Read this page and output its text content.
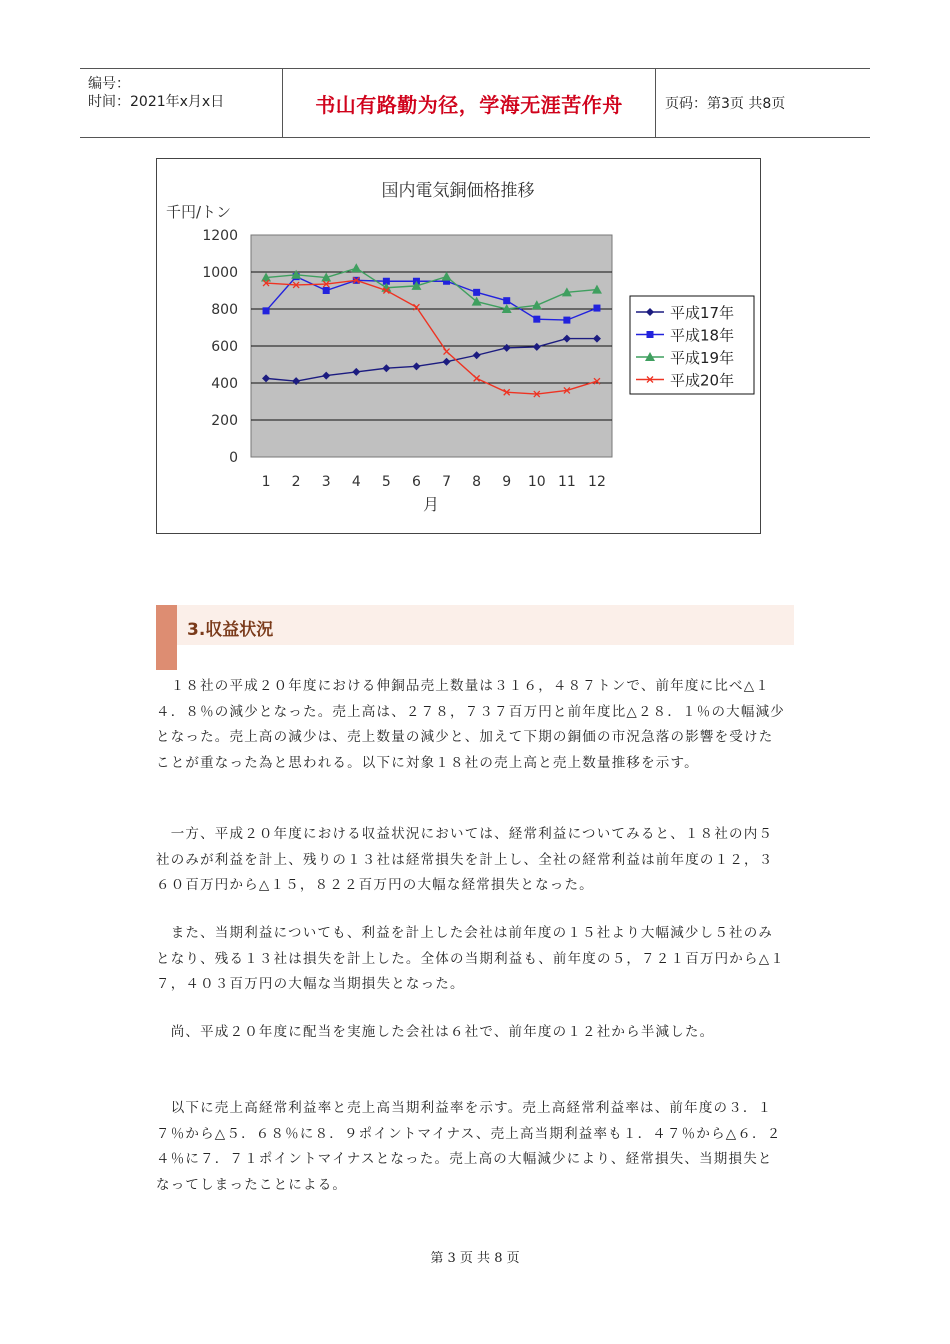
编号：
时间：2021年x月x日	书山有路勤为径，学海无涯苦作舟	页码：第3页 共8页
国内電気銅価格推移
千円/トン
月
0
200
400
600
800
1000
1200
1 2 3 4 5 6 7 8 9 10 11 12
平成17年
平成18年
平成19年
平成20年
3.収益状況

　１８社の平成２０年度における伸銅品売上数量は３１６，４８７トンで、前年度に比べ△１４．８％の減少となった。売上高は、２７８，７３７百万円と前年度比△２８．１％の大幅減少となった。売上高の減少は、売上数量の減少と、加えて下期の銅価の市況急落の影響を受けたことが重なった為と思われる。以下に対象１８社の売上高と売上数量推移を示す。

　一方、平成２０年度における収益状況においては、経常利益についてみると、１８社の内５社のみが利益を計上、残りの１３社は経常損失を計上し、全社の経常利益は前年度の１２，３６０百万円から△１５，８２２百万円の大幅な経常損失となった。

　また、当期利益についても、利益を計上した会社は前年度の１５社より大幅減少し５社のみとなり、残る１３社は損失を計上した。全体の当期利益も、前年度の５，７２１百万円から△１７，４０３百万円の大幅な当期損失となった。

　尚、平成２０年度に配当を実施した会社は６社で、前年度の１２社から半減した。

　以下に売上高経常利益率と売上高当期利益率を示す。売上高経常利益率は、前年度の３．１７％から△５．６８％に８．９ポイントマイナス、売上高当期利益率も１．４７％から△６．２４％に７．７１ポイントマイナスとなった。売上高の大幅減少により、経常損失、当期損失となってしまったことによる。

第 3 页 共 8 页
